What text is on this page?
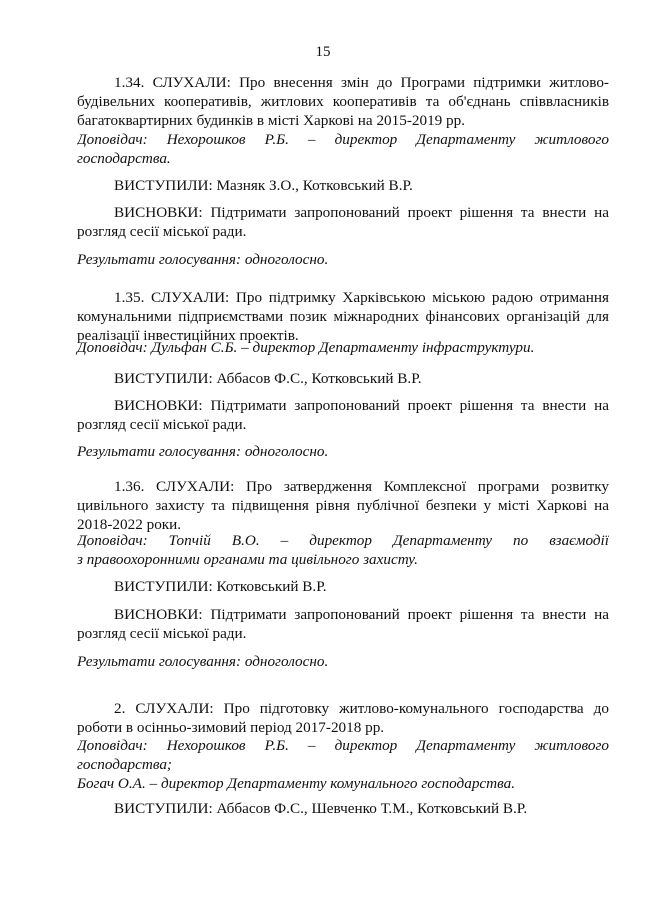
15
1.34. СЛУХАЛИ: Про внесення змін до Програми підтримки житлово-
будівельних кооперативів, житлових кооперативів та об'єднань співвласників
багатоквартирних будинків в місті Харкові на 2015-2019 рр.
Доповідач: Нехорошков Р.Б. – директор Департаменту житлового
господарства.
ВИСТУПИЛИ: Мазняк З.О., Котковський В.Р.
ВИСНОВКИ: Підтримати запропонований проект рішення та внести на
розгляд сесії міської ради.
Результати голосування: одноголосно.
1.35. СЛУХАЛИ: Про підтримку Харківською міською радою отримання
комунальними підприємствами позик міжнародних фінансових організацій для
реалізації інвестиційних проектів.
Доповідач: Дульфан С.Б. – директор Департаменту інфраструктури.
ВИСТУПИЛИ: Аббасов Ф.С., Котковський В.Р.
ВИСНОВКИ: Підтримати запропонований проект рішення та внести на
розгляд сесії міської ради.
Результати голосування: одноголосно.
1.36. СЛУХАЛИ: Про затвердження Комплексної програми розвитку
цивільного захисту та підвищення рівня публічної безпеки у місті Харкові на
2018-2022 роки.
Доповідач: Топчій В.О. – директор Департаменту по взаємодії
з правоохоронними органами та цивільного захисту.
ВИСТУПИЛИ: Котковський В.Р.
ВИСНОВКИ: Підтримати запропонований проект рішення та внести на
розгляд сесії міської ради.
Результати голосування: одноголосно.
2. СЛУХАЛИ: Про підготовку житлово-комунального господарства до
роботи в осінньо-зимовий період 2017-2018 рр.
Доповідач: Нехорошков Р.Б. – директор Департаменту житлового
господарства;
Богач О.А. – директор Департаменту комунального господарства.
ВИСТУПИЛИ: Аббасов Ф.С., Шевченко Т.М., Котковський В.Р.
